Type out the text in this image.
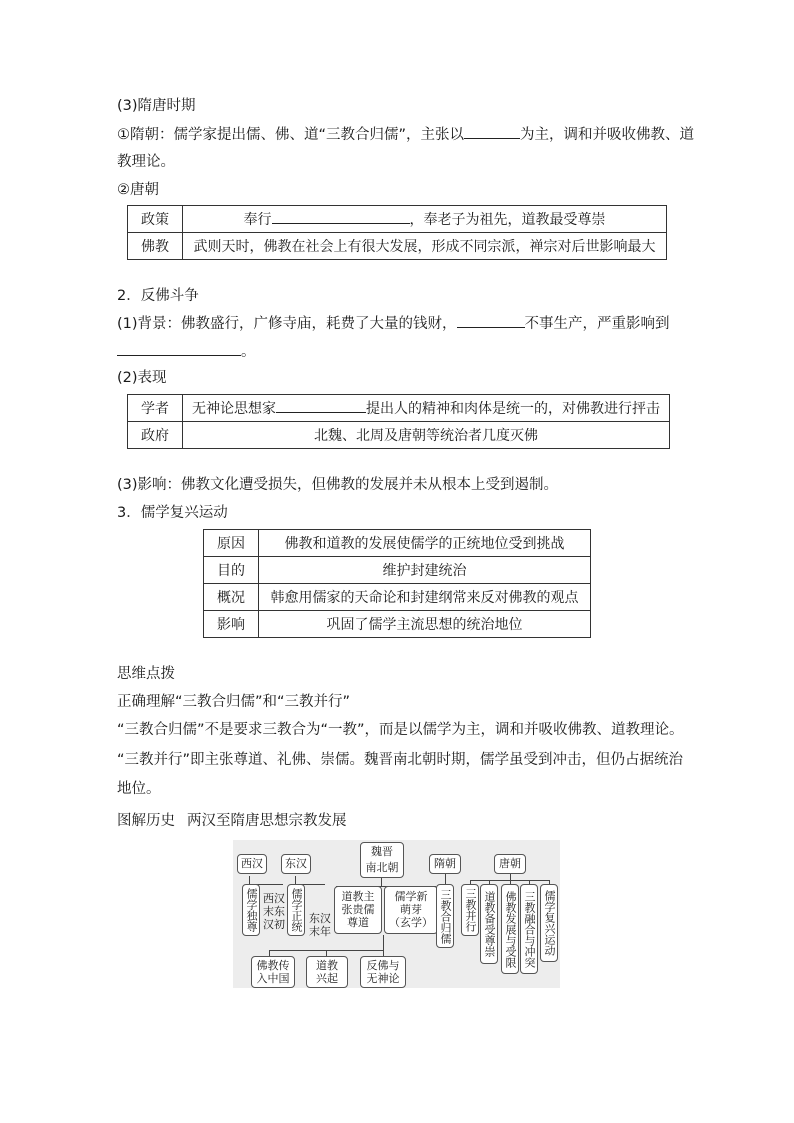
(3)隋唐时期
①隋朝：儒学家提出儒、佛、道“三教合归儒”，主张以	为主，调和并吸收佛教、道
教理论。
②唐朝
政策	奉行 ，奉老子为祖先，道教最受尊崇
佛教	武则天时，佛教在社会上有很大发展，形成不同宗派，禅宗对后世影响最大
2．反佛斗争
(1)背景：佛教盛行，广修寺庙，耗费了大量的钱财，	不事生产，严重影响到
。
(2)表现
学者	无神论思想家 提出人的精神和肉体是统一的，对佛教进行抨击
政府	北魏、北周及唐朝等统治者几度灭佛
(3)影响：佛教文化遭受损失，但佛教的发展并未从根本上受到遏制。
3．儒学复兴运动
原因	佛教和道教的发展使儒学的正统地位受到挑战
目的	维护封建统治
概况	韩愈用儒家的天命论和封建纲常来反对佛教的观点
影响	巩固了儒学主流思想的统治地位
思维点拨
正确理解“三教合归儒”和“三教并行”
“三教合归儒”不是要求三教合为“一教”，而是以儒学为主，调和并吸收佛教、道教理论。
“三教并行”即主张尊道、礼佛、崇儒。魏晋南北朝时期，儒学虽受到冲击，但仍占据统治
地位。
图解历史 两汉至隋唐思想宗教发展
西汉	东汉
魏晋
南北朝	隋朝	唐朝
儒学独尊 西汉
末东
汉初 儒学正统 东汉
末年
道教主
张贵儒
尊道
儒学新
萌芽
（玄学） 三教合归儒 三教并行 道教备受尊崇 佛教发展与受限 三教融合与冲突 儒学复兴运动
佛教传
入中国
道教
兴起
反佛与
无神论
